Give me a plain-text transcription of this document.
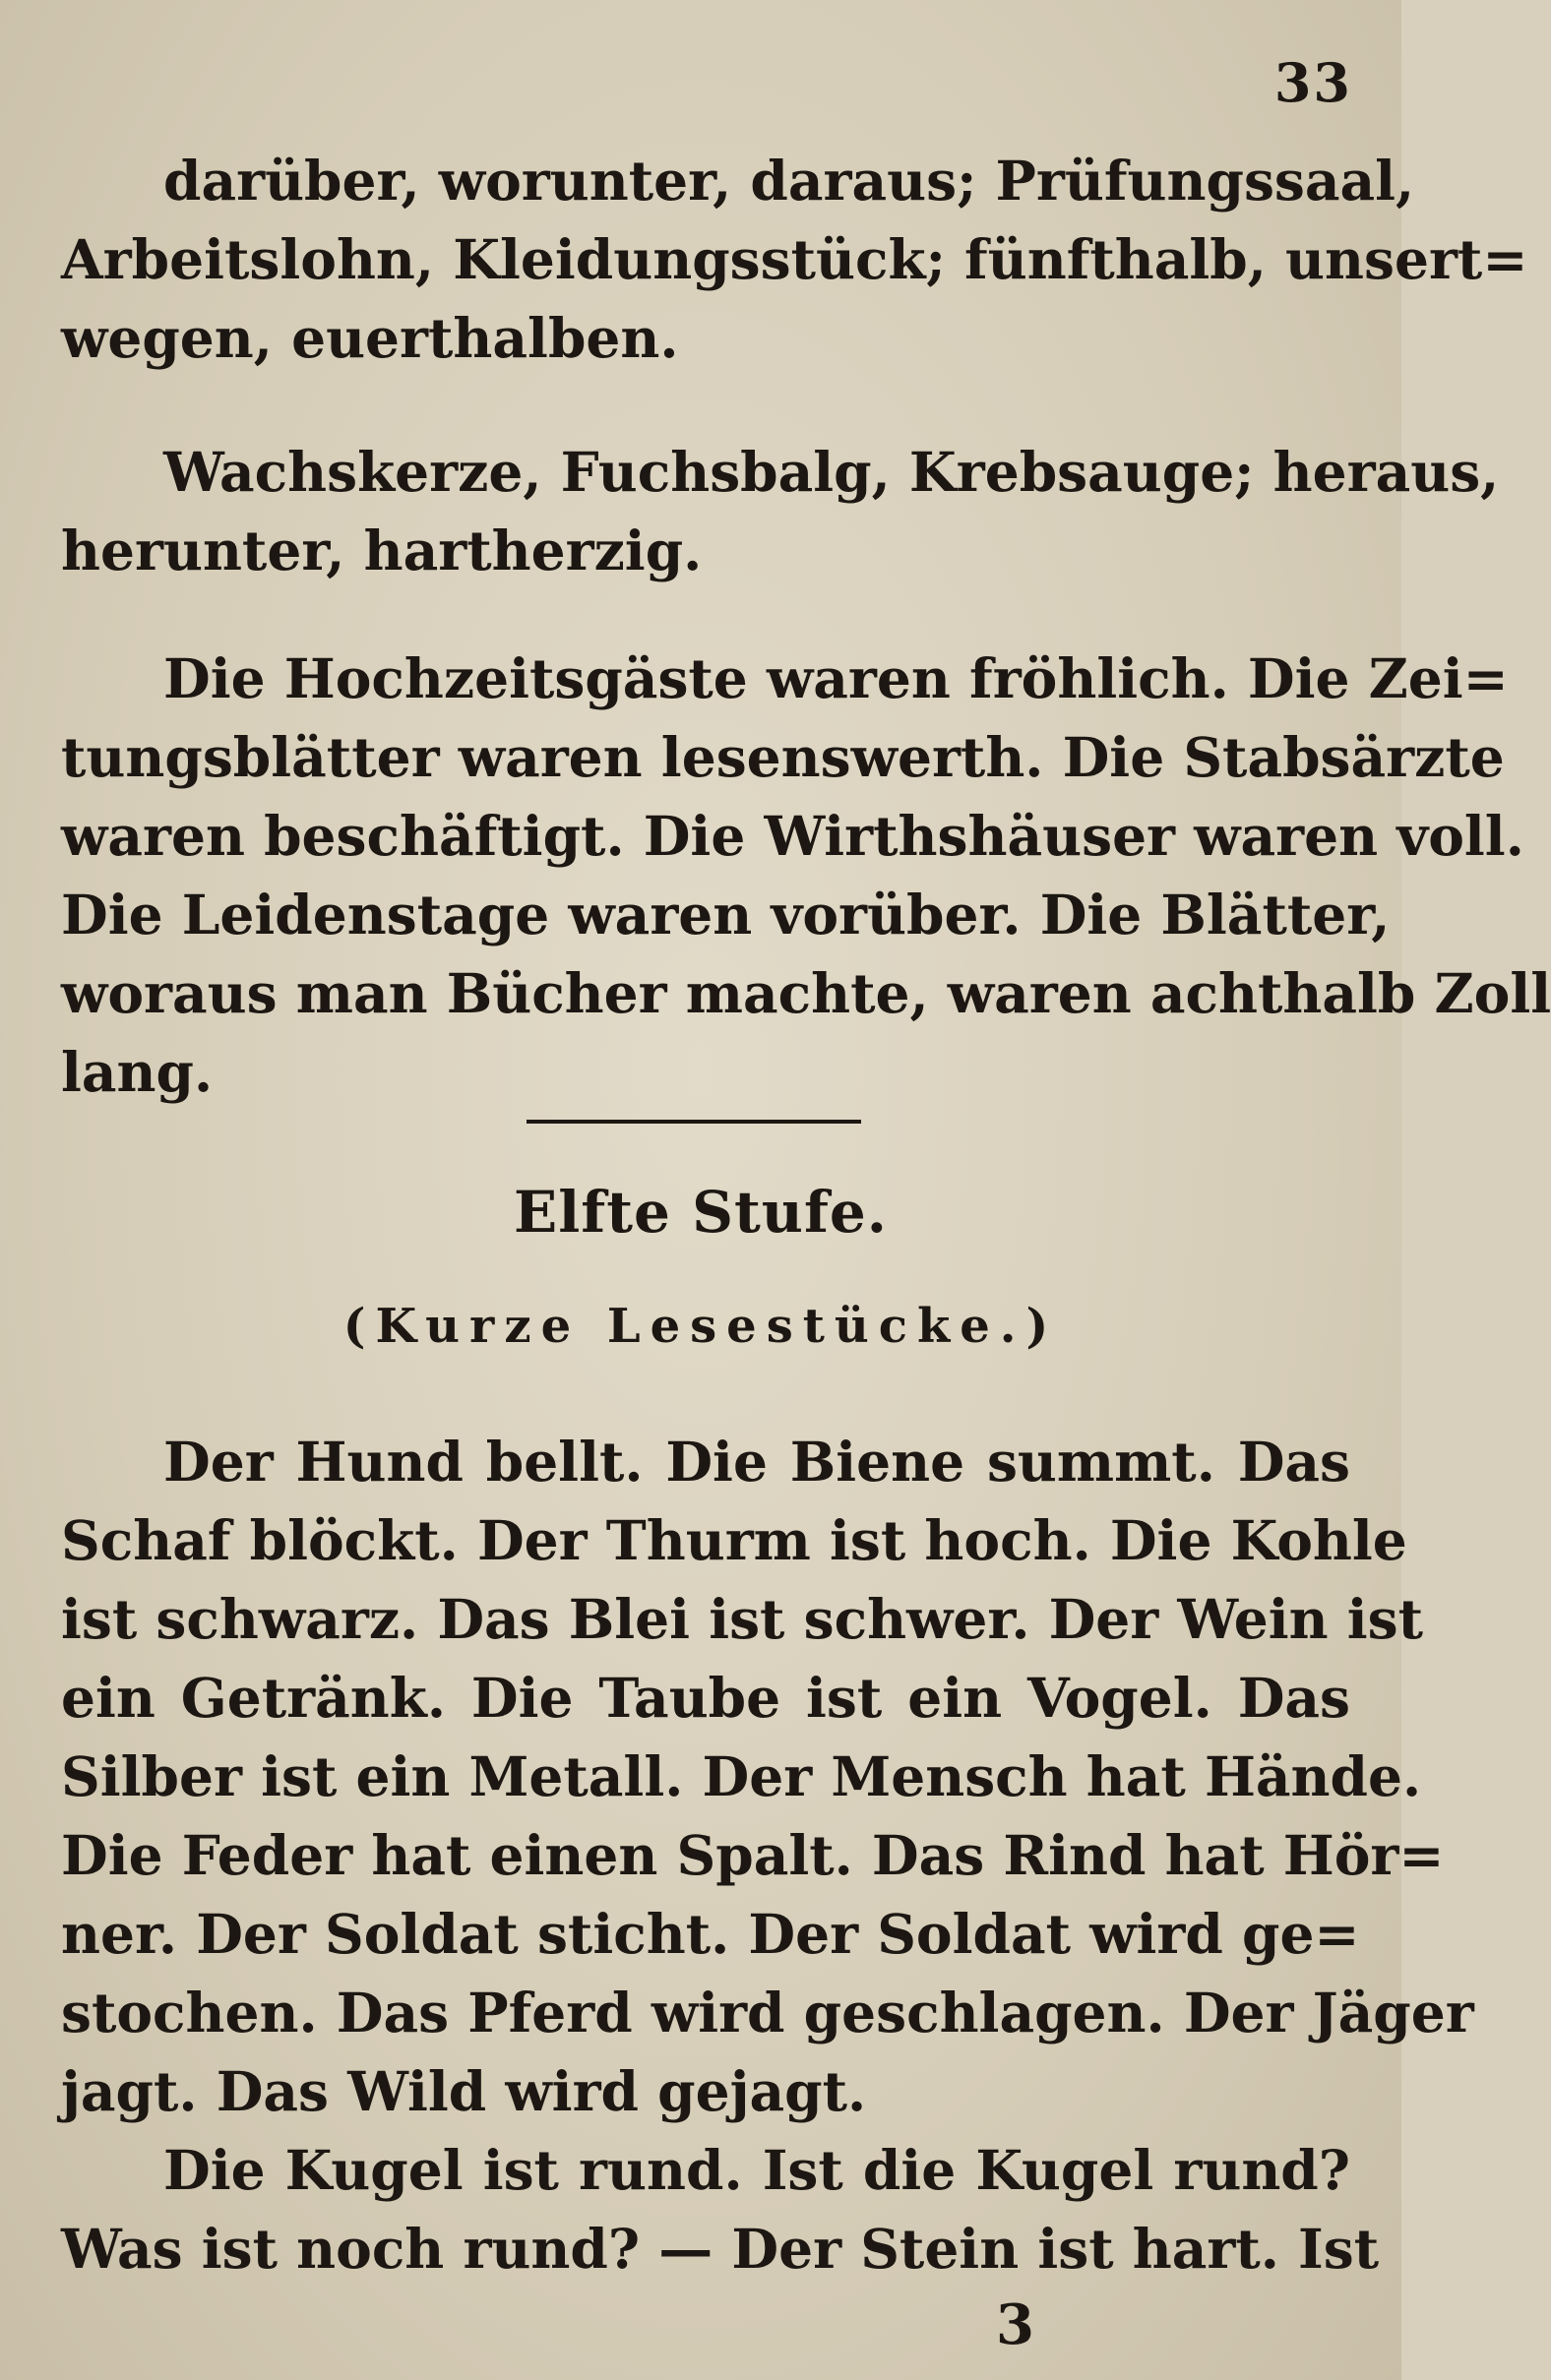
33
darüber, worunter, daraus; Prüfungssaal,
Arbeitslohn, Kleidungsstück; fünfthalb, unsert=
wegen, euerthalben.
Wachskerze, Fuchsbalg, Krebsauge; heraus,
herunter, hartherzig.
Die Hochzeitsgäste waren fröhlich. Die Zei=
tungsblätter waren lesenswerth. Die Stabsärzte
waren beschäftigt. Die Wirthshäuser waren voll.
Die Leidenstage waren vorüber. Die Blätter,
woraus man Bücher machte, waren achthalb Zoll
lang.
Elfte Stufe.
(Kurze Lesestücke.)
Der Hund bellt. Die Biene summt. Das
Schaf blöckt. Der Thurm ist hoch. Die Kohle
ist schwarz. Das Blei ist schwer. Der Wein ist
ein Getränk. Die Taube ist ein Vogel. Das
Silber ist ein Metall. Der Mensch hat Hände.
Die Feder hat einen Spalt. Das Rind hat Hör=
ner. Der Soldat sticht. Der Soldat wird ge=
stochen. Das Pferd wird geschlagen. Der Jäger
jagt. Das Wild wird gejagt.
Die Kugel ist rund. Ist die Kugel rund?
Was ist noch rund? — Der Stein ist hart. Ist
3
